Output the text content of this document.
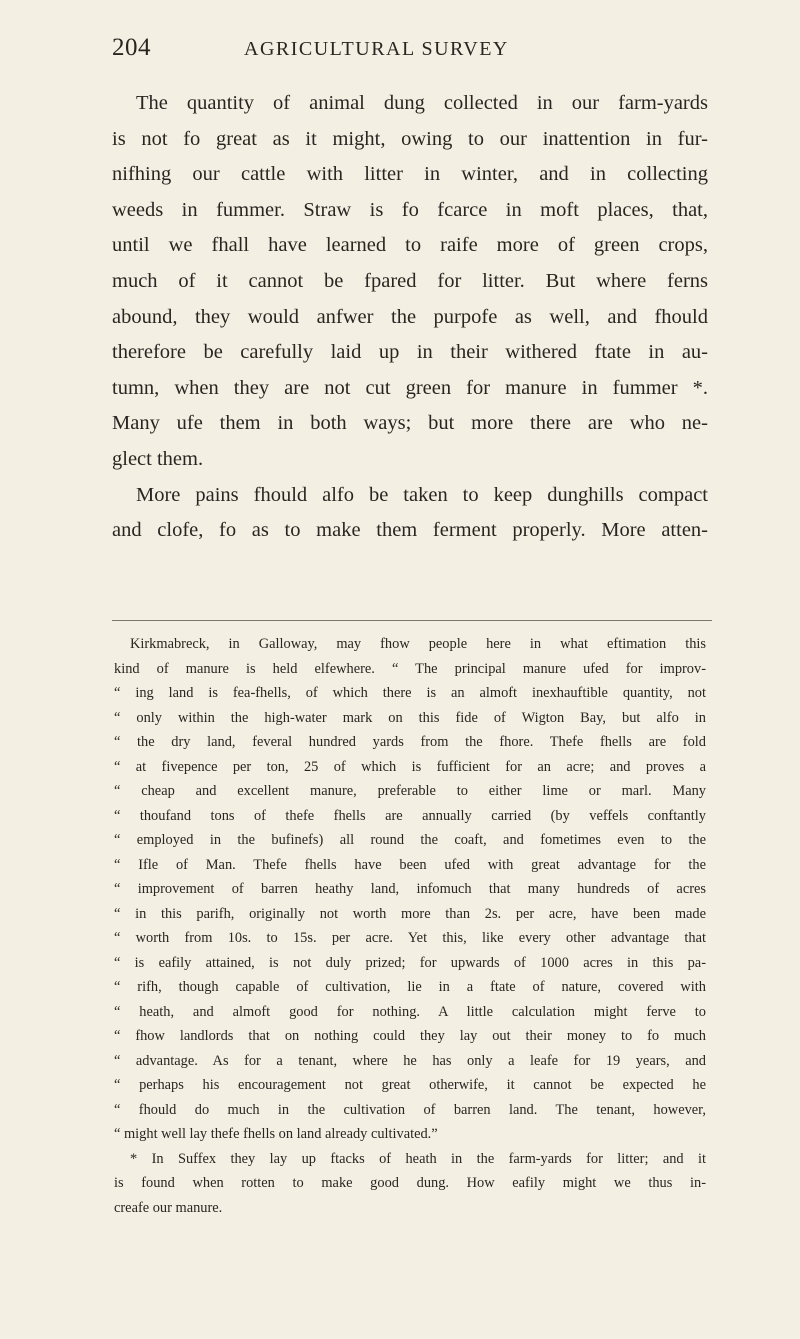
204	AGRICULTURAL SURVEY
The quantity of animal dung collected in our farm-yards
is not fo great as it might, owing to our inattention in fur-
nifhing our cattle with litter in winter, and in collecting
weeds in fummer. Straw is fo fcarce in moft places, that,
until we fhall have learned to raife more of green crops,
much of it cannot be fpared for litter. But where ferns
abound, they would anfwer the purpofe as well, and fhould
therefore be carefully laid up in their withered ftate in au-
tumn, when they are not cut green for manure in fummer *.
Many ufe them in both ways; but more there are who ne-
glect them.
More pains fhould alfo be taken to keep dunghills compact
and clofe, fo as to make them ferment properly. More atten-
Kirkmabreck, in Galloway, may fhow people here in what eftimation this
kind of manure is held elfewhere. “ The principal manure ufed for improv-
“ ing land is fea-fhells, of which there is an almoft inexhauftible quantity, not
“ only within the high-water mark on this fide of Wigton Bay, but alfo in
“ the dry land, feveral hundred yards from the fhore. Thefe fhells are fold
“ at fivepence per ton, 25 of which is fufficient for an acre; and proves a
“ cheap and excellent manure, preferable to either lime or marl. Many
“ thoufand tons of thefe fhells are annually carried (by veffels conftantly
“ employed in the bufinefs) all round the coaft, and fometimes even to the
“ Ifle of Man. Thefe fhells have been ufed with great advantage for the
“ improvement of barren heathy land, infomuch that many hundreds of acres
“ in this parifh, originally not worth more than 2s. per acre, have been made
“ worth from 10s. to 15s. per acre. Yet this, like every other advantage that
“ is eafily attained, is not duly prized; for upwards of 1000 acres in this pa-
“ rifh, though capable of cultivation, lie in a ftate of nature, covered with
“ heath, and almoft good for nothing. A little calculation might ferve to
“ fhow landlords that on nothing could they lay out their money to fo much
“ advantage. As for a tenant, where he has only a leafe for 19 years, and
“ perhaps his encouragement not great otherwife, it cannot be expected he
“ fhould do much in the cultivation of barren land. The tenant, however,
“ might well lay thefe fhells on land already cultivated.”
* In Suffex they lay up ftacks of heath in the farm-yards for litter; and it
is found when rotten to make good dung. How eafily might we thus in-
creafe our manure.
